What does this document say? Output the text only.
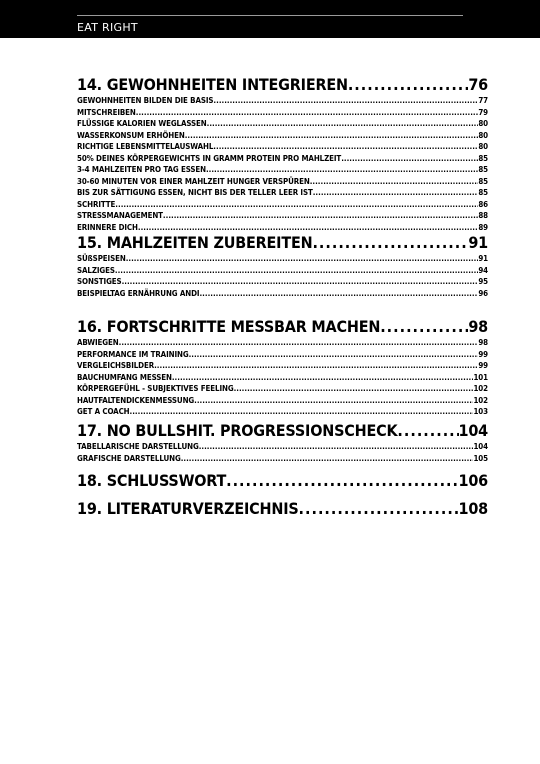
EAT RIGHT
14. GEWOHNHEITEN INTEGRIEREN .....	76
GEWOHNHEITEN BILDEN DIE BASIS .....	77
MITSCHREIBEN .....	79
FLÜSSIGE KALORIEN WEGLASSEN .....	80
WASSERKONSUM ERHÖHEN .....	80
RICHTIGE LEBENSMITTELAUSWAHL .....	80
50% DEINES KÖRPERGEWICHTS IN GRAMM PROTEIN PRO MAHLZEIT .....	85
3-4 MAHLZEITEN PRO TAG ESSEN .....	85
30-60 MINUTEN VOR EINER MAHLZEIT HUNGER VERSPÜREN .....	85
BIS ZUR SÄTTIGUNG ESSEN, NICHT BIS DER TELLER LEER IST .....	85
SCHRITTE .....	86
STRESSMANAGEMENT .....	88
ERINNERE DICH .....	89
15. MAHLZEITEN ZUBEREITEN .....	91
SÜßSPEISEN .....	91
SALZIGES .....	94
SONSTIGES .....	95
BEISPIELTAG ERNÄHRUNG ANDI .....	96
16. FORTSCHRITTE MESSBAR MACHEN .....	98
ABWIEGEN .....	98
PERFORMANCE IM TRAINING .....	99
VERGLEICHSBILDER .....	99
BAUCHUMFANG MESSEN .....	101
KÖRPERGEFÜHL - SUBJEKTIVES FEELING .....	102
HAUTFALTENDICKENMESSUNG .....	102
GET A COACH .....	103
17. NO BULLSHIT. PROGRESSIONSCHECK .....	104
TABELLARISCHE DARSTELLUNG .....	104
GRAFISCHE DARSTELLUNG .....	105
18. SCHLUSSWORT .....	106
19. LITERATURVERZEICHNIS .....	108
